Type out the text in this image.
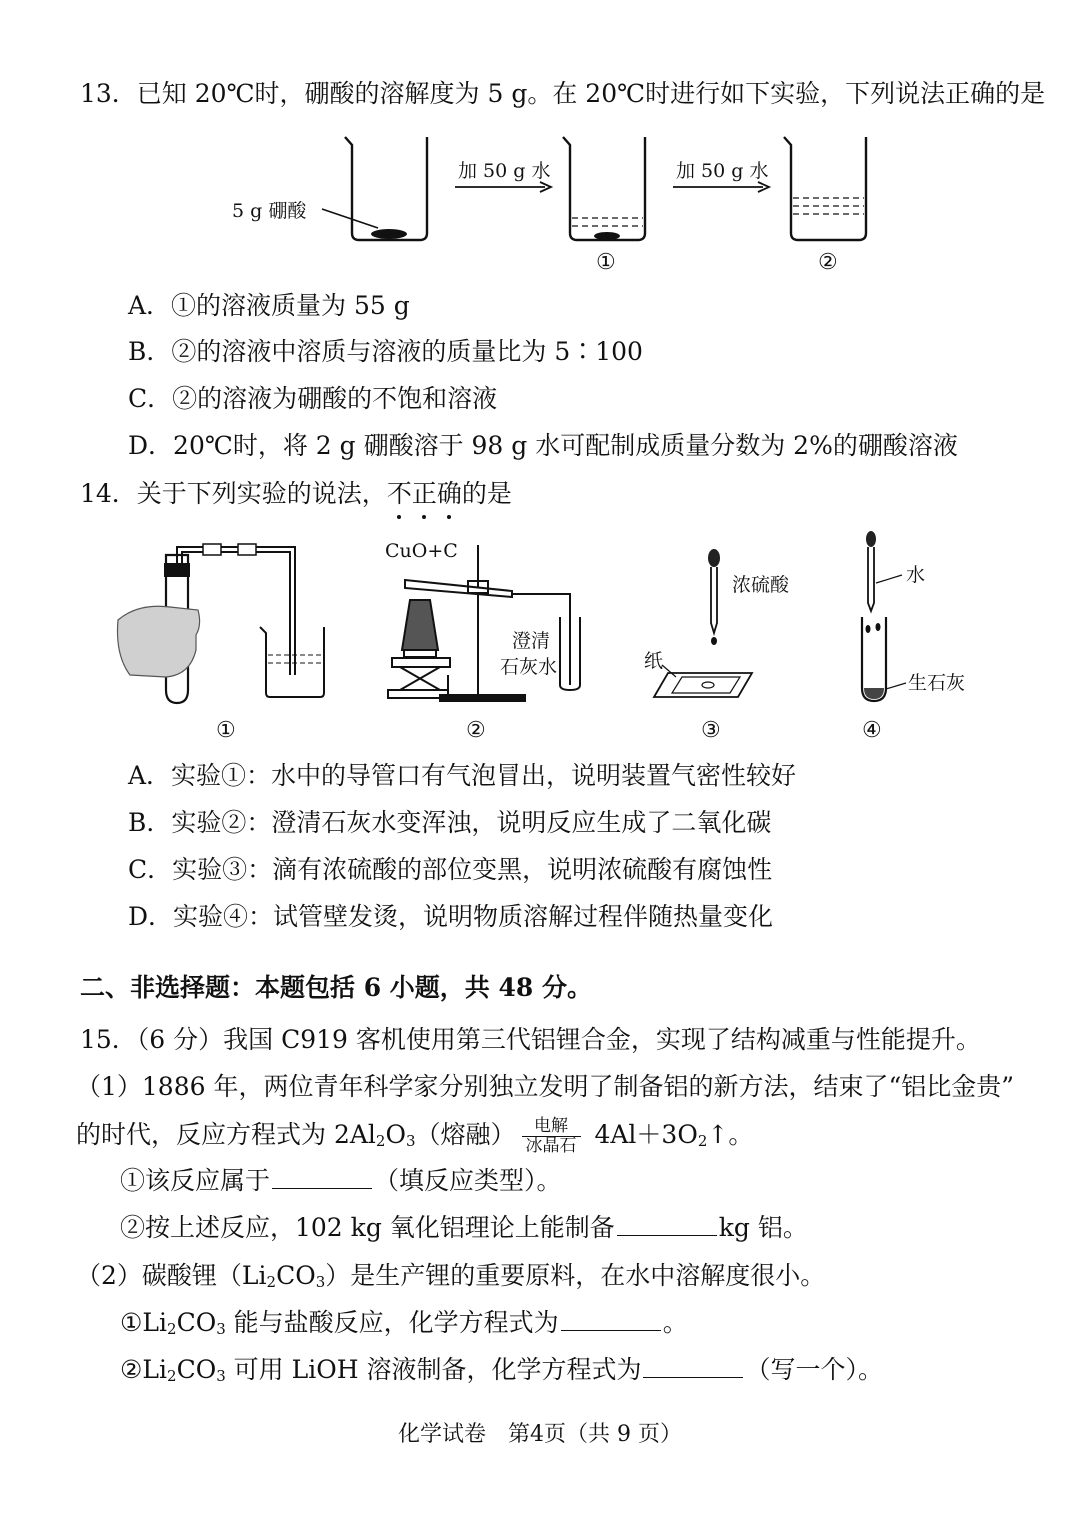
13．已知 20℃时，硼酸的溶解度为 5 g。在 20℃时进行如下实验，下列说法正确的是
5 g 硼酸
加 50 g 水
①
加 50 g 水
②
A．①的溶液质量为 55 g
B．②的溶液中溶质与溶液的质量比为 5∶100
C．②的溶液为硼酸的不饱和溶液
D．20℃时，将 2 g 硼酸溶于 98 g 水可配制成质量分数为 2%的硼酸溶液
14．关于下列实验的说法，不正确的是
①
CuO+C
澄清
石灰水
②
浓硫酸
纸
③
水
生石灰
④
A．实验①：水中的导管口有气泡冒出，说明装置气密性较好
B．实验②：澄清石灰水变浑浊，说明反应生成了二氧化碳
C．实验③：滴有浓硫酸的部位变黑，说明浓硫酸有腐蚀性
D．实验④：试管壁发烫，说明物质溶解过程伴随热量变化
二、非选择题：本题包括 6 小题，共 48 分。
15．（6 分）我国 C919 客机使用第三代铝锂合金，实现了结构减重与性能提升。
（1）1886 年，两位青年科学家分别独立发明了制备铝的新方法，结束了“铝比金贵”
的时代，反应方程式为 $2Al_2O_3$（熔融） $\frac{\text{电解}}{\text{冰晶石}}$ $4Al+3O_2↑$。
①该反应属于	（填反应类型）。
②按上述反应，102 kg 氧化铝理论上能制备	kg 铝。
（2）碳酸锂$(Li_2CO_3)$是生产锂的重要原料，在水中溶解度很小。
$①Li_2CO_3$ 能与盐酸反应，化学方程式为	。
$②Li_2CO_3$ 可用 LiOH 溶液制备，化学方程式为	（写一个）。
化学试卷　第4页（共 9 页）
